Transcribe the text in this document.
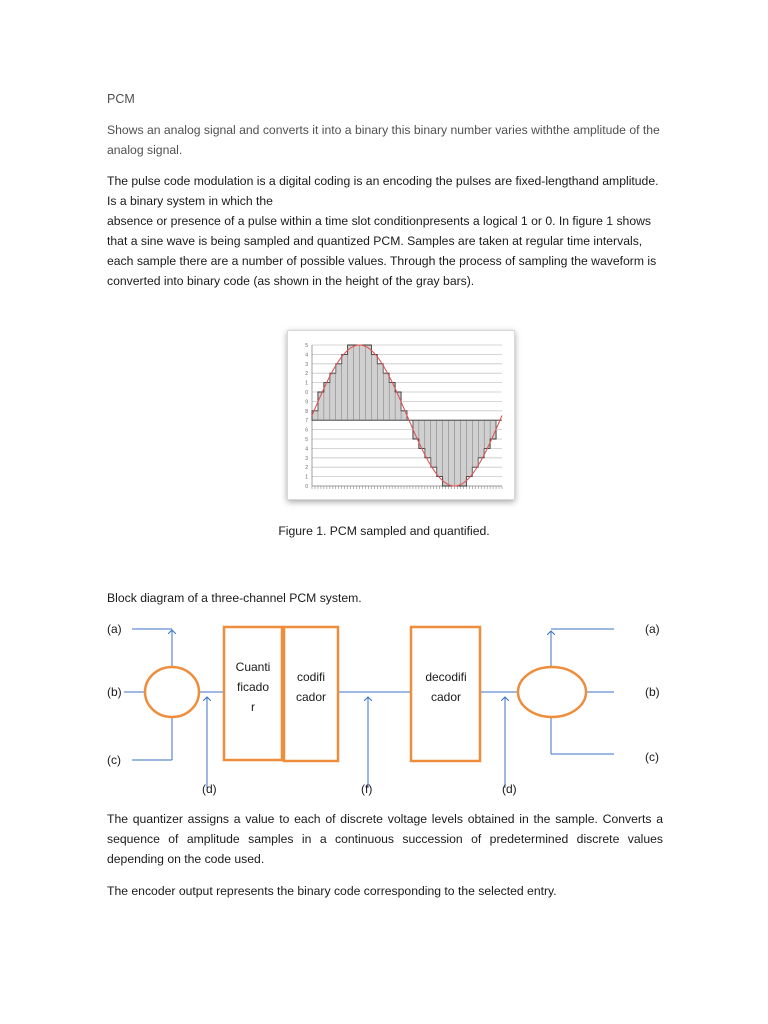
PCM
Shows an analog signal and converts it into a binary this binary number varies withthe amplitude of the analog signal.
The pulse code modulation is a digital coding is an encoding the pulses are fixed-lengthand amplitude. Is a binary system in which the
absence or presence of a pulse within a time slot conditionpresents a logical 1 or 0. In figure 1 shows that a sine wave is being sampled and quantized PCM. Samples are taken at regular time intervals, each sample there are a number of possible values. Through the process of sampling the waveform is converted into binary code (as shown in the height of the gray bars).
0
1
2
3
4
5
6
7
8
9
0
1
2
3
4
5
Figure 1. PCM sampled and quantified.
Block diagram of a three-channel PCM system.
(a)
(b)
(c)
(a)
(b)
(c)
Cuanti
ficado
r
codifi
cador
decodifi
cador
(d)	(f)	(d)
The quantizer assigns a value to each of discrete voltage levels obtained in the sample. Converts a sequence of amplitude samples in a continuous succession of predetermined discrete values depending on the code used.
The encoder output represents the binary code corresponding to the selected entry.
